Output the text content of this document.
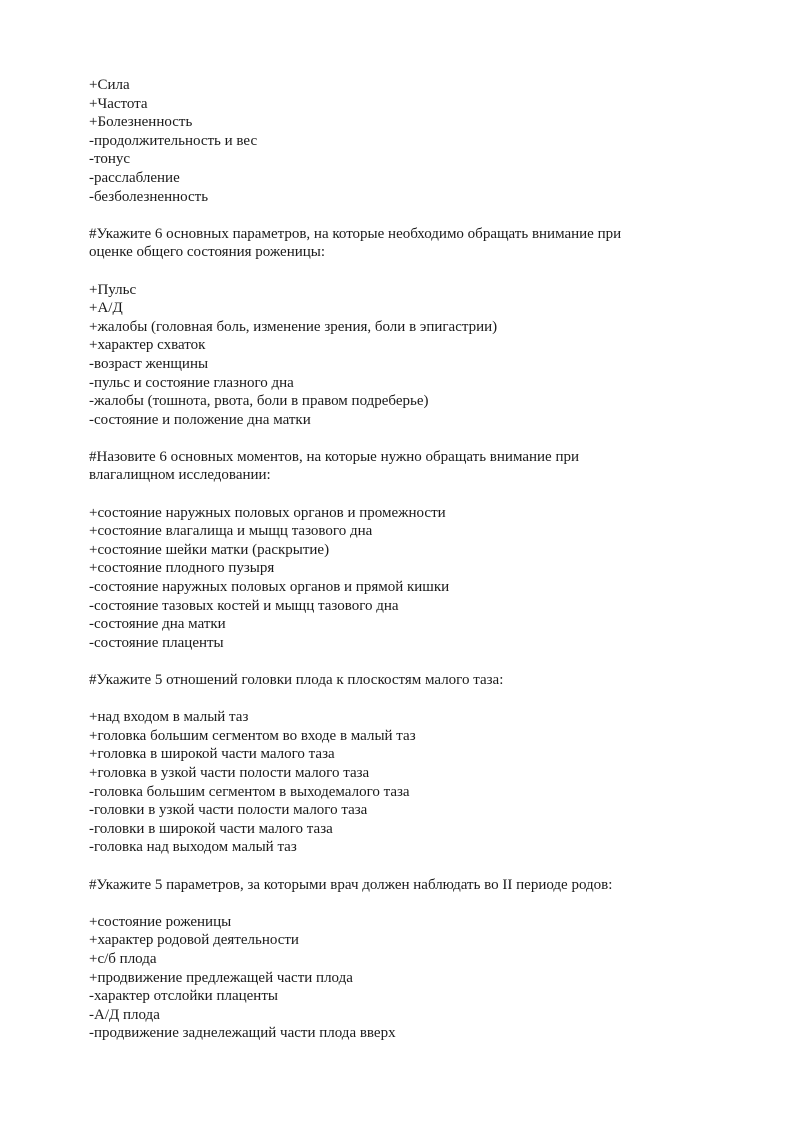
+Сила
+Частота
+Болезненность
-продолжительность и вес
-тонус
-расслабление
-безболезненность
#Укажите 6 основных параметров, на которые необходимо обращать внимание при
оценке общего состояния роженицы:
+Пульс
+А/Д
+жалобы (головная боль, изменение зрения, боли в эпигастрии)
+характер схваток
-возраст женщины
-пульс и состояние глазного дна
-жалобы (тошнота, рвота, боли в правом подреберье)
-состояние и положение дна матки
#Назовите 6 основных моментов, на которые нужно обращать внимание при
влагалищном исследовании:
+состояние наружных половых органов и промежности
+состояние влагалища и мыщц тазового дна
+состояние шейки матки (раскрытие)
+состояние плодного пузыря
-состояние наружных половых органов и прямой кишки
-состояние тазовых костей и мыщц тазового дна
-состояние дна матки
-состояние плаценты
#Укажите 5 отношений головки плода к плоскостям малого таза:
+над входом в малый таз
+головка большим сегментом во входе в малый таз
+головка в широкой части малого таза
+головка в узкой части полости малого таза
-головка большим сегментом в выходемалого таза
-головки в узкой части полости малого таза
-головки в широкой части малого таза
-головка над выходом малый таз
#Укажите 5 параметров, за которыми врач должен наблюдать во II периоде родов:
+состояние роженицы
+характер родовой деятельности
+с/б плода
+продвижение предлежащей части плода
-характер отслойки плаценты
-А/Д плода
-продвижение заднележащий части плода вверх
